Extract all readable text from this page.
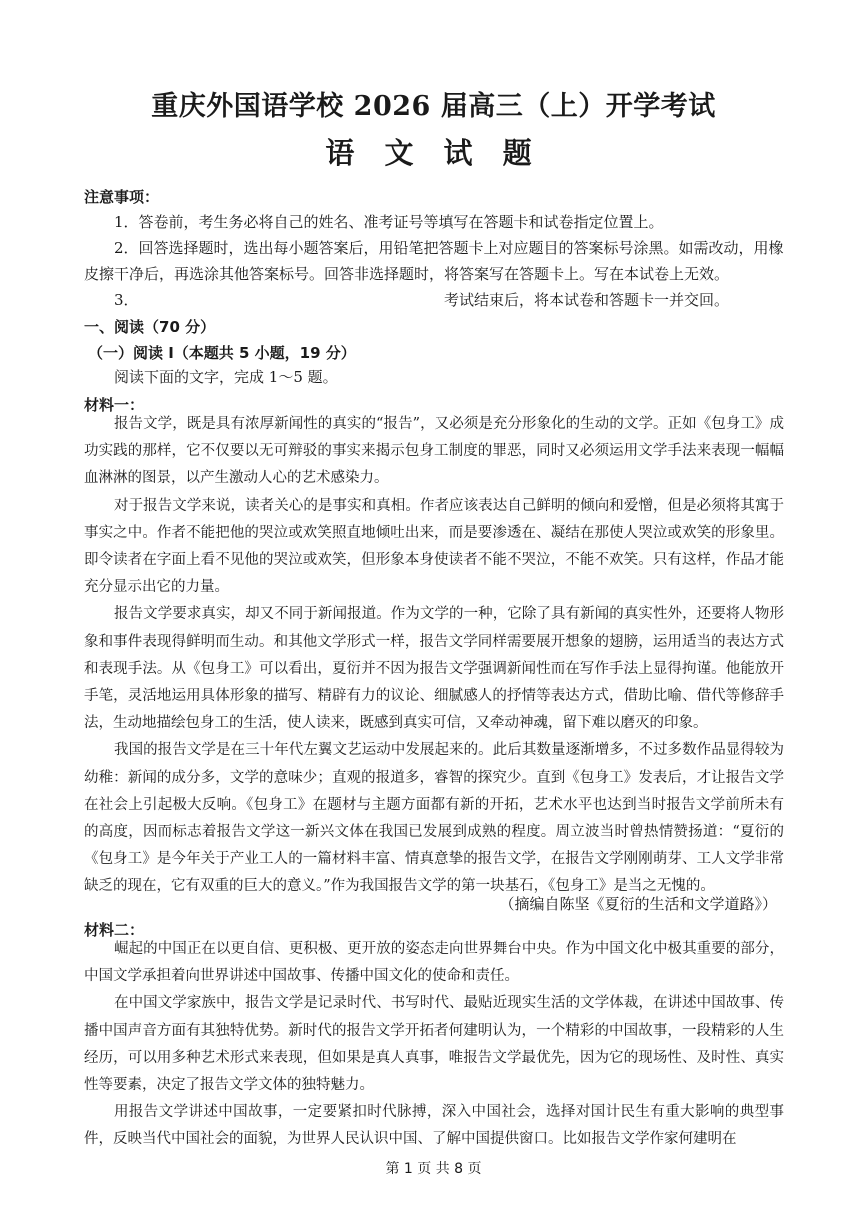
重庆外国语学校 2026 届高三（上）开学考试
语 文 试 题
注意事项：
1．答卷前，考生务必将自己的姓名、准考证号等填写在答题卡和试卷指定位置上。
2．回答选择题时，选出每小题答案后，用铅笔把答题卡上对应题目的答案标号涂黑。如需改动，用橡皮擦干净后，再选涂其他答案标号。回答非选择题时，将答案写在答题卡上。写在本试卷上无效。
3．	考试结束后，将本试卷和答题卡一并交回。
一、阅读（70 分）
（一）阅读 I（本题共 5 小题，19 分）
阅读下面的文字，完成 1～5 题。
材料一：

报告文学，既是具有浓厚新闻性的真实的“报告”，又必须是充分形象化的生动的文学。正如《包身工》成功实践的那样，它不仅要以无可辩驳的事实来揭示包身工制度的罪恶，同时又必须运用文学手法来表现一幅幅血淋淋的图景，以产生激动人心的艺术感染力。

对于报告文学来说，读者关心的是事实和真相。作者应该表达自己鲜明的倾向和爱憎，但是必须将其寓于事实之中。作者不能把他的哭泣或欢笑照直地倾吐出来，而是要渗透在、凝结在那使人哭泣或欢笑的形象里。即令读者在字面上看不见他的哭泣或欢笑，但形象本身使读者不能不哭泣，不能不欢笑。只有这样，作品才能充分显示出它的力量。

报告文学要求真实，却又不同于新闻报道。作为文学的一种，它除了具有新闻的真实性外，还要将人物形象和事件表现得鲜明而生动。和其他文学形式一样，报告文学同样需要展开想象的翅膀，运用适当的表达方式和表现手法。从《包身工》可以看出，夏衍并不因为报告文学强调新闻性而在写作手法上显得拘谨。他能放开手笔，灵活地运用具体形象的描写、精辟有力的议论、细腻感人的抒情等表达方式，借助比喻、借代等修辞手法，生动地描绘包身工的生活，使人读来，既感到真实可信，又牵动神魂，留下难以磨灭的印象。

我国的报告文学是在三十年代左翼文艺运动中发展起来的。此后其数量逐渐增多，不过多数作品显得较为幼稚：新闻的成分多，文学的意味少；直观的报道多，睿智的探究少。直到《包身工》发表后，才让报告文学在社会上引起极大反响。《包身工》在题材与主题方面都有新的开拓，艺术水平也达到当时报告文学前所未有的高度，因而标志着报告文学这一新兴文体在我国已发展到成熟的程度。周立波当时曾热情赞扬道：“夏衍的《包身工》是今年关于产业工人的一篇材料丰富、情真意挚的报告文学，在报告文学刚刚萌芽、工人文学非常缺乏的现在，它有双重的巨大的意义。”作为我国报告文学的第一块基石，《包身工》是当之无愧的。

（摘编自陈坚《夏衍的生活和文学道路》）
材料二：

崛起的中国正在以更自信、更积极、更开放的姿态走向世界舞台中央。作为中国文化中极其重要的部分，中国文学承担着向世界讲述中国故事、传播中国文化的使命和责任。

在中国文学家族中，报告文学是记录时代、书写时代、最贴近现实生活的文学体裁，在讲述中国故事、传播中国声音方面有其独特优势。新时代的报告文学开拓者何建明认为，一个精彩的中国故事，一段精彩的人生经历，可以用多种艺术形式来表现，但如果是真人真事，唯报告文学最优先，因为它的现场性、及时性、真实性等要素，决定了报告文学文体的独特魅力。

用报告文学讲述中国故事，一定要紧扣时代脉搏，深入中国社会，选择对国计民生有重大影响的典型事件，反映当代中国社会的面貌，为世界人民认识中国、了解中国提供窗口。比如报告文学作家何建明在

第 1 页 共 8 页
